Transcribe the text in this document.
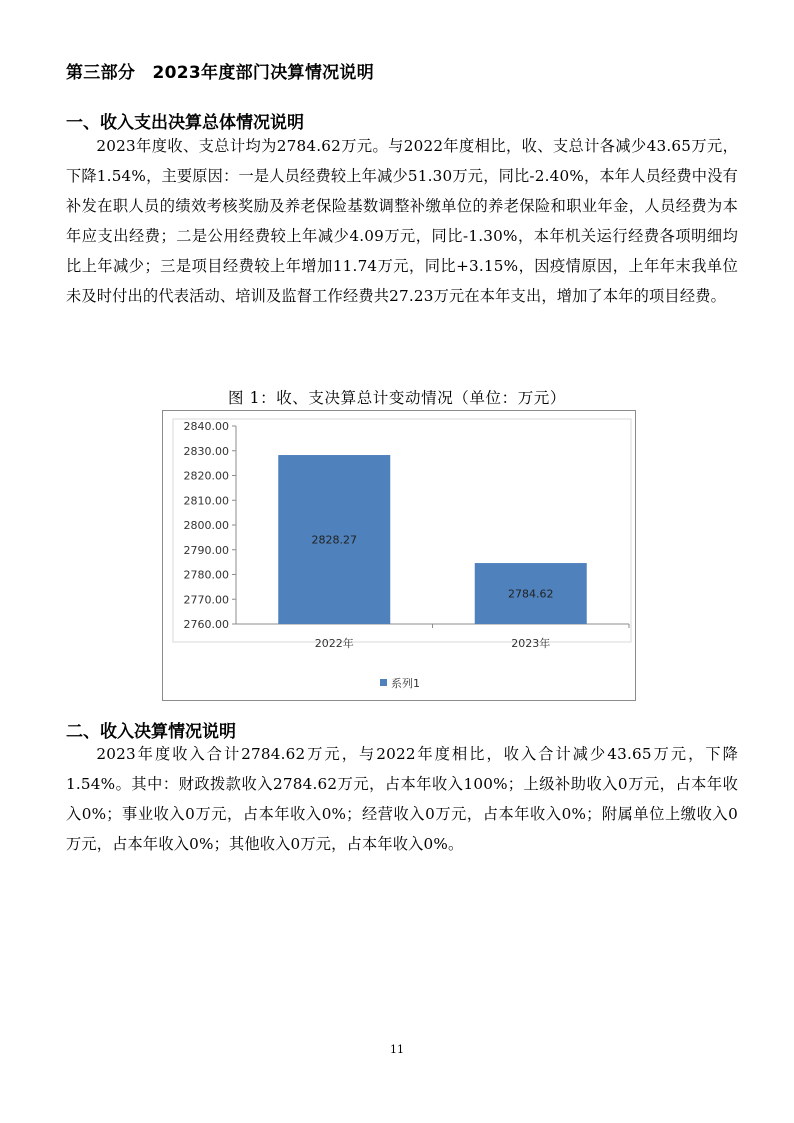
第三部分　2023年度部门决算情况说明
一、收入支出决算总体情况说明

2023年度收、支总计均为2784.62万元。与2022年度相比，收、支总计各减少43.65万元，下降1.54%，主要原因：一是人员经费较上年减少51.30万元，同比-2.40%，本年人员经费中没有补发在职人员的绩效考核奖励及养老保险基数调整补缴单位的养老保险和职业年金，人员经费为本年应支出经费；二是公用经费较上年减少4.09万元，同比-1.30%，本年机关运行经费各项明细均比上年减少；三是项目经费较上年增加11.74万元，同比+3.15%，因疫情原因，上年年末我单位未及时付出的代表活动、培训及监督工作经费共27.23万元在本年支出，增加了本年的项目经费。

图 1：收、支决算总计变动情况（单位：万元）
2760.00
2770.00
2780.00
2790.00
2800.00
2810.00
2820.00
2830.00
2840.00
2828.27
2784.62
2022年	2023年
系列1
二、收入决算情况说明

2023年度收入合计2784.62万元，与2022年度相比，收入合计减少43.65万元，下降1.54%。其中：财政拨款收入2784.62万元，占本年收入100%；上级补助收入0万元，占本年收入0%；事业收入0万元，占本年收入0%；经营收入0万元，占本年收入0%；附属单位上缴收入0万元，占本年收入0%；其他收入0万元，占本年收入0%。

11
